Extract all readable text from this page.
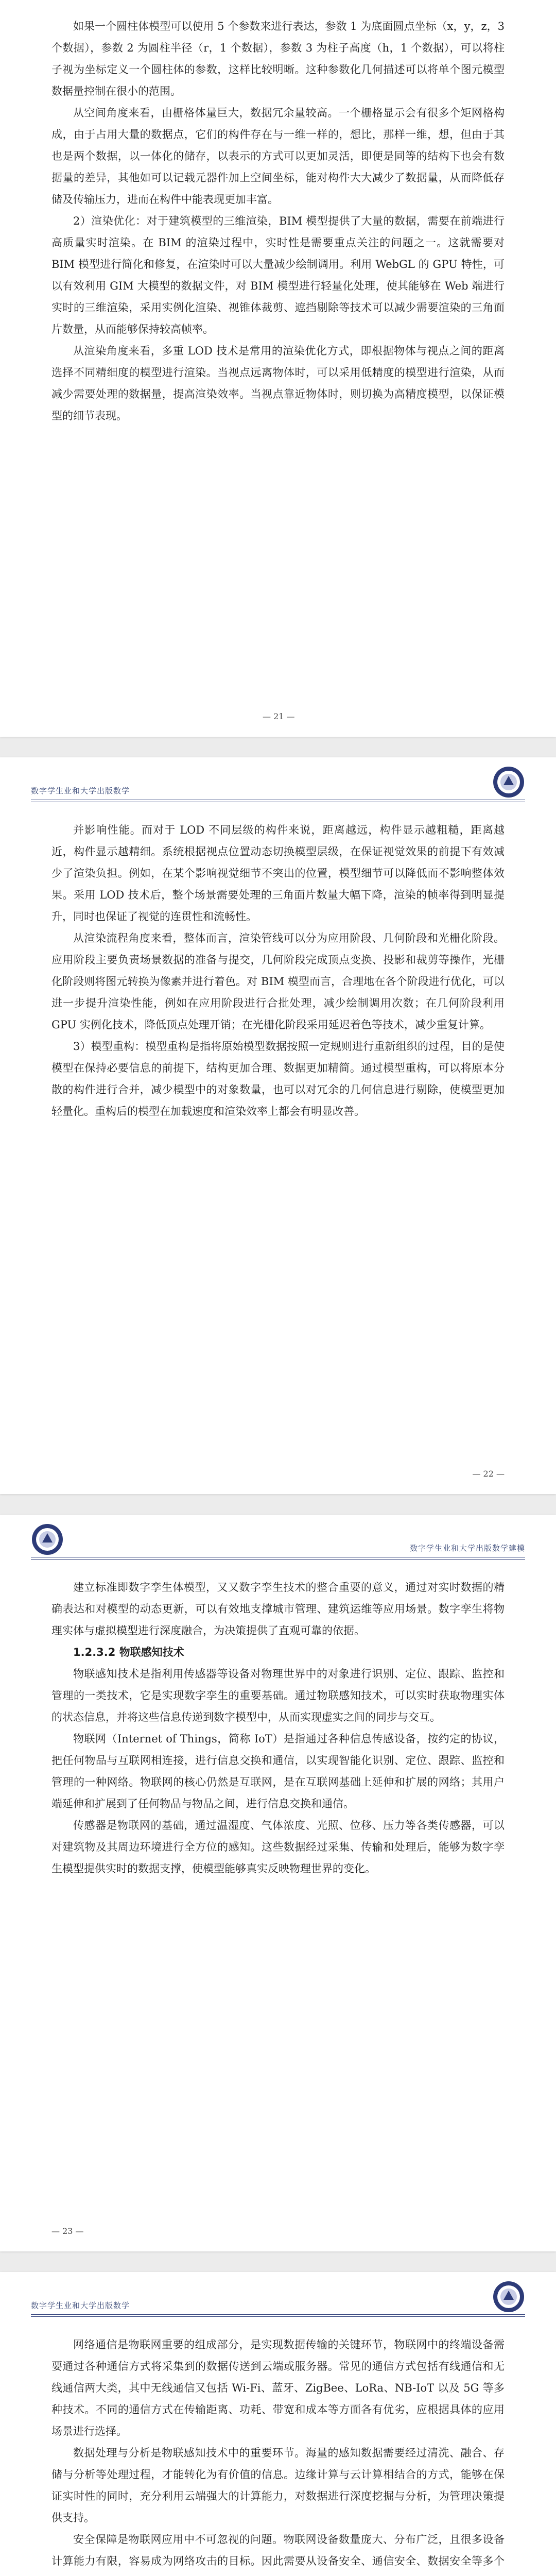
如果一个圆柱体模型可以使用 5 个参数来进行表达，参数 1 为底面圆点坐标（x，y，z，3 个数据），参数 2 为圆柱半径（r，1 个数据），参数 3 为柱子高度（h，1 个数据），可以将柱子视为坐标定义一个圆柱体的参数，这样比较明晰。这种参数化几何描述可以将单个图元模型数据量控制在很小的范围。

从空间角度来看，由栅格体量巨大，数据冗余量较高。一个栅格显示会有很多个矩网格构成，由于占用大量的数据点，它们的构件存在与一维一样的，想比，那样一维，想，但由于其也是两个数据，以一体化的储存，以表示的方式可以更加灵活，即便是同等的结构下也会有数据量的差异，其他如可以记载元器件加上空间坐标，能对构件大大减少了数据量，从而降低存储及传输压力，进而在构件中能表现更加丰富。

2）渲染优化：对于建筑模型的三维渲染，BIM 模型提供了大量的数据，需要在前端进行高质量实时渲染。在 BIM 的渲染过程中，实时性是需要重点关注的问题之一。这就需要对 BIM 模型进行简化和修复，在渲染时可以大量减少绘制调用。利用 WebGL 的 GPU 特性，可以有效利用 GIM 大模型的数据文件，对 BIM 模型进行轻量化处理，使其能够在 Web 端进行实时的三维渲染，采用实例化渲染、视锥体裁剪、遮挡剔除等技术可以减少需要渲染的三角面片数量，从而能够保持较高帧率。

从渲染角度来看，多重 LOD 技术是常用的渲染优化方式，即根据物体与视点之间的距离选择不同精细度的模型进行渲染。当视点远离物体时，可以采用低精度的模型进行渲染，从而减少需要处理的数据量，提高渲染效率。当视点靠近物体时，则切换为高精度模型，以保证模型的细节表现。

— 21 —
数字学生业和大学出版数学

并影响性能。而对于 LOD 不同层级的构件来说，距离越远，构件显示越粗糙，距离越近，构件显示越精细。系统根据视点位置动态切换模型层级，在保证视觉效果的前提下有效减少了渲染负担。例如，在某个影响视觉细节不突出的位置，模型细节可以降低而不影响整体效果。采用 LOD 技术后，整个场景需要处理的三角面片数量大幅下降，渲染的帧率得到明显提升，同时也保证了视觉的连贯性和流畅性。

从渲染流程角度来看，整体而言，渲染管线可以分为应用阶段、几何阶段和光栅化阶段。应用阶段主要负责场景数据的准备与提交，几何阶段完成顶点变换、投影和裁剪等操作，光栅化阶段则将图元转换为像素并进行着色。对 BIM 模型而言，合理地在各个阶段进行优化，可以进一步提升渲染性能，例如在应用阶段进行合批处理，减少绘制调用次数；在几何阶段利用 GPU 实例化技术，降低顶点处理开销；在光栅化阶段采用延迟着色等技术，减少重复计算。

3）模型重构：模型重构是指将原始模型数据按照一定规则进行重新组织的过程，目的是使模型在保持必要信息的前提下，结构更加合理、数据更加精简。通过模型重构，可以将原本分散的构件进行合并，减少模型中的对象数量，也可以对冗余的几何信息进行剔除，使模型更加轻量化。重构后的模型在加载速度和渲染效率上都会有明显改善。

— 22 —
数字学生业和大学出版数学建模

建立标准即数字孪生体模型，又又数字孪生技术的整合重要的意义，通过对实时数据的精确表达和对模型的动态更新，可以有效地支撑城市管理、建筑运维等应用场景。数字孪生将物理实体与虚拟模型进行深度融合，为决策提供了直观可靠的依据。

1.2.3.2 物联感知技术

物联感知技术是指利用传感器等设备对物理世界中的对象进行识别、定位、跟踪、监控和管理的一类技术，它是实现数字孪生的重要基础。通过物联感知技术，可以实时获取物理实体的状态信息，并将这些信息传递到数字模型中，从而实现虚实之间的同步与交互。

物联网（Internet of Things，简称 IoT）是指通过各种信息传感设备，按约定的协议，把任何物品与互联网相连接，进行信息交换和通信，以实现智能化识别、定位、跟踪、监控和管理的一种网络。物联网的核心仍然是互联网，是在互联网基础上延伸和扩展的网络；其用户端延伸和扩展到了任何物品与物品之间，进行信息交换和通信。

传感器是物联网的基础，通过温湿度、气体浓度、光照、位移、压力等各类传感器，可以对建筑物及其周边环境进行全方位的感知。这些数据经过采集、传输和处理后，能够为数字孪生模型提供实时的数据支撑，使模型能够真实反映物理世界的变化。

— 23 —
数字学生业和大学出版数学

网络通信是物联网重要的组成部分，是实现数据传输的关键环节，物联网中的终端设备需要通过各种通信方式将采集到的数据传送到云端或服务器。常见的通信方式包括有线通信和无线通信两大类，其中无线通信又包括 Wi-Fi、蓝牙、ZigBee、LoRa、NB-IoT 以及 5G 等多种技术。不同的通信方式在传输距离、功耗、带宽和成本等方面各有优劣，应根据具体的应用场景进行选择。

数据处理与分析是物联感知技术中的重要环节。海量的感知数据需要经过清洗、融合、存储与分析等处理过程，才能转化为有价值的信息。边缘计算与云计算相结合的方式，能够在保证实时性的同时，充分利用云端强大的计算能力，对数据进行深度挖掘与分析，为管理决策提供支持。

安全保障是物联网应用中不可忽视的问题。物联网设备数量庞大、分布广泛，且很多设备计算能力有限，容易成为网络攻击的目标。因此需要从设备安全、通信安全、数据安全等多个
